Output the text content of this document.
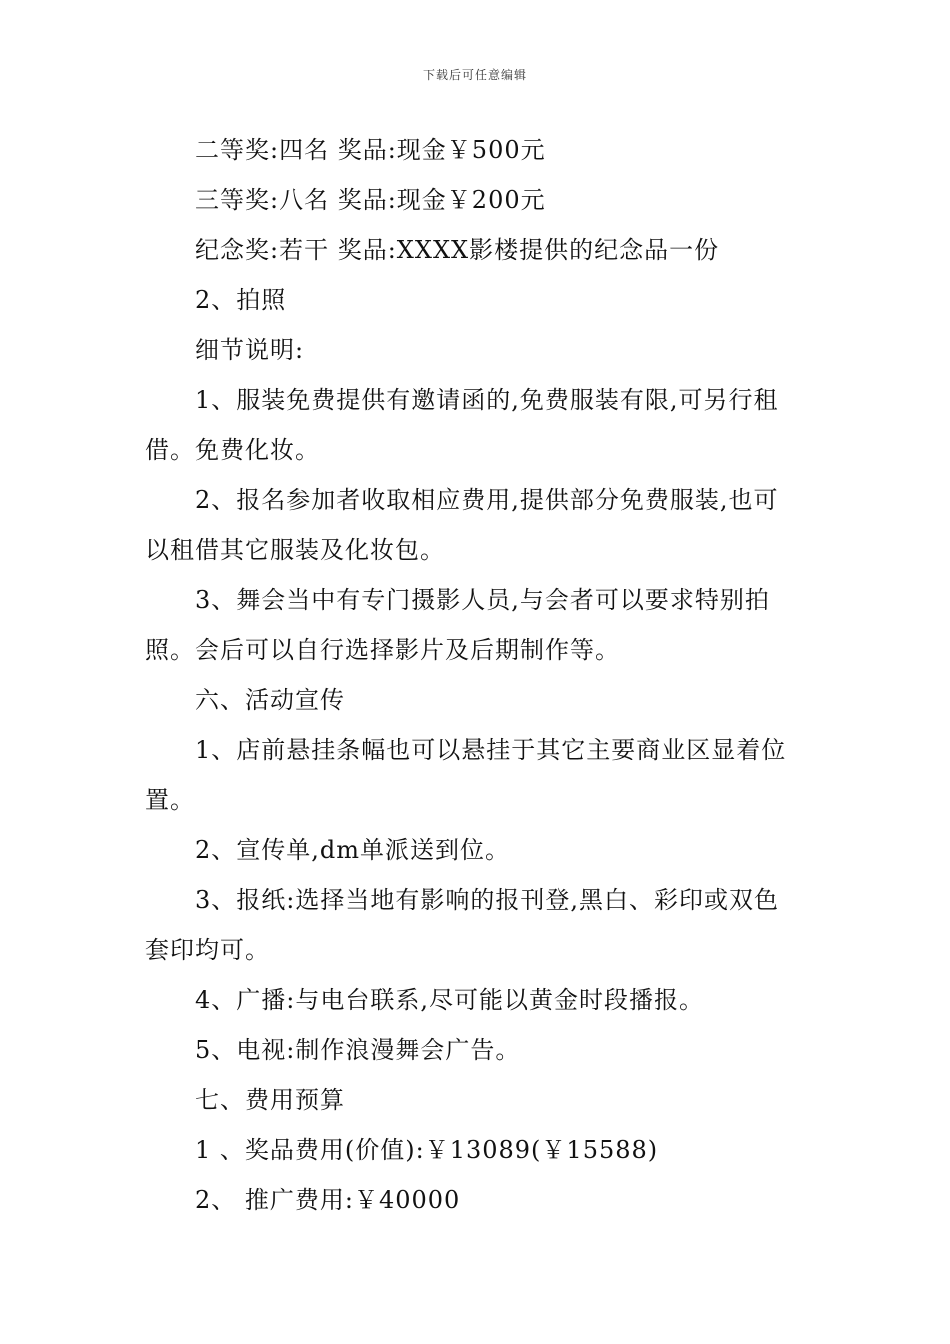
下载后可任意编辑
二等奖:四名 奖品:现金￥500元
三等奖:八名 奖品:现金￥200元
纪念奖:若干 奖品:XXXX影楼提供的纪念品一份
2、拍照
细节说明:
1、服装免费提供有邀请函的,免费服装有限,可另行租
借。免费化妆。
2、报名参加者收取相应费用,提供部分免费服装,也可
以租借其它服装及化妆包。
3、舞会当中有专门摄影人员,与会者可以要求特别拍
照。会后可以自行选择影片及后期制作等。
六、活动宣传
1、店前悬挂条幅也可以悬挂于其它主要商业区显着位
置。
2、宣传单,dm单派送到位。
3、报纸:选择当地有影响的报刊登,黑白、彩印或双色
套印均可。
4、广播:与电台联系,尽可能以黄金时段播报。
5、电视:制作浪漫舞会广告。
七、费用预算
1 、奖品费用(价值):￥13089(￥15588)
2、 推广费用:￥40000
